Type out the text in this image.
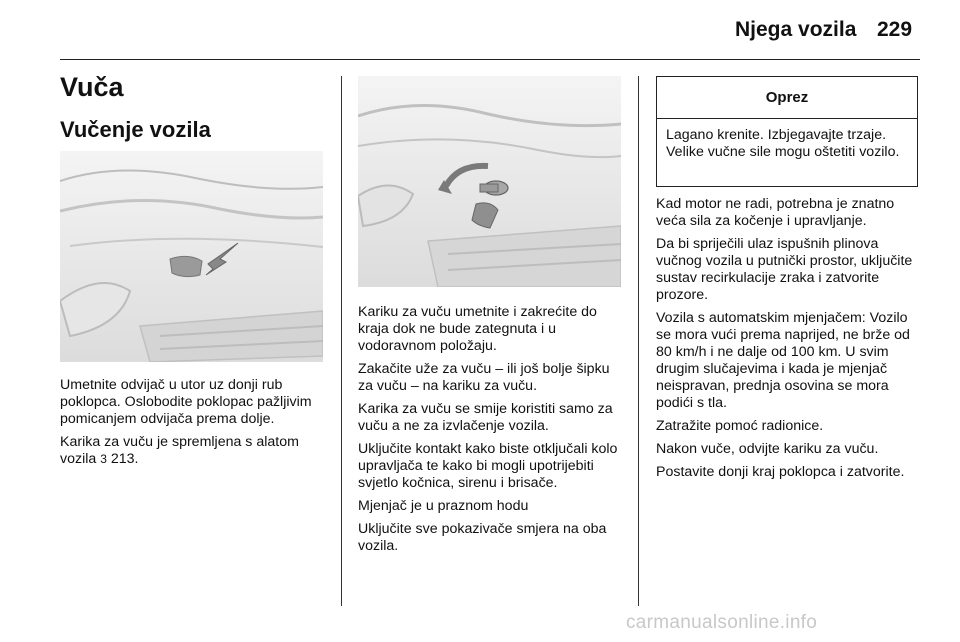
Njega vozila 229
Vuča
Vučenje vozila

Umetnite odvijač u utor uz donji rub poklopca. Oslobodite poklopac pažljivim pomicanjem odvijača prema dolje.

Karika za vuču je spremljena s alatom vozila 3 213.

Kariku za vuču umetnite i zakrećite do kraja dok ne bude zategnuta i u vodoravnom položaju.

Zakačite uže za vuču – ili još bolje šipku za vuču – na kariku za vuču.

Karika za vuču se smije koristiti samo za vuču a ne za izvlačenje vozila.

Uključite kontakt kako biste otključali kolo upravljača te kako bi mogli upotrijebiti svjetlo kočnica, sirenu i brisače.

Mjenjač je u praznom hodu

Uključite sve pokazivače smjera na oba vozila.

Oprez
Lagano krenite. Izbjegavajte trzaje. Velike vučne sile mogu oštetiti vozilo.

Kad motor ne radi, potrebna je znatno veća sila za kočenje i upravljanje.

Da bi spriječili ulaz ispušnih plinova vučnog vozila u putnički prostor, uključite sustav recirkulacije zraka i zatvorite prozore.

Vozila s automatskim mjenjačem: Vozilo se mora vući prema naprijed, ne brže od 80 km/h i ne dalje od 100 km. U svim drugim slučajevima i kada je mjenjač neispravan, prednja osovina se mora podići s tla.

Zatražite pomoć radionice.

Nakon vuče, odvijte kariku za vuču.

Postavite donji kraj poklopca i zatvorite.

carmanualsonline.info
